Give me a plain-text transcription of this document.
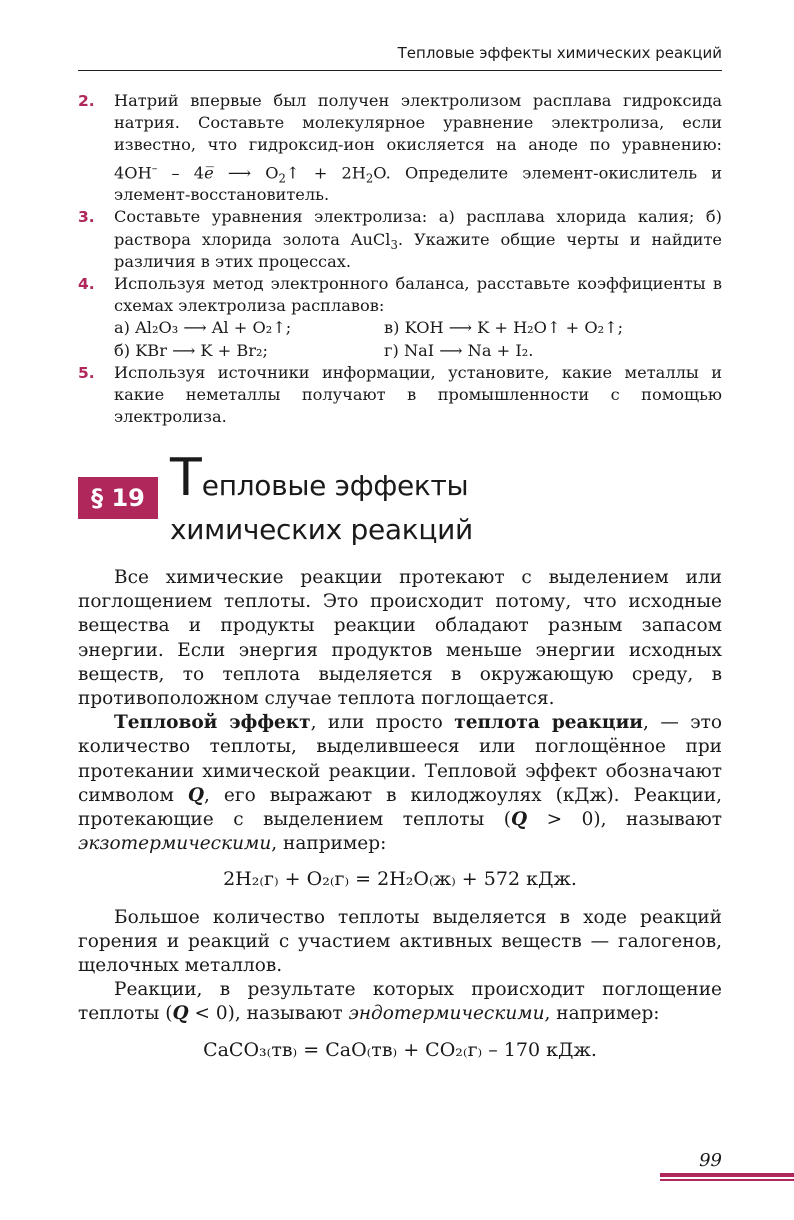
Тепловые эффекты химических реакций
2. Натрий впервые был получен электролизом расплава гидроксида натрия. Составьте молекулярное уравнение электролиза, если известно, что гидроксид-ион окисляется на аноде по уравнению: 4OH– – 4e̅ ⟶ $O_2↑ + 2H_2O$. Определите элемент-окислитель и элемент-восстановитель.
3. Составьте уравнения электролиза: а) расплава хлорида калия; б) раствора хлорида золота AuCl$_3$. Укажите общие черты и найдите различия в этих процессах.
4. Используя метод электронного баланса, расставьте коэффициенты в схемах электролиза расплавов:
а) Al₂O₃ ⟶ Al + O₂↑;	в) KOH ⟶ K + H₂O↑ + O₂↑;
б) KBr ⟶ K + Br₂;	г) NaI ⟶ Na + I₂.
5. Используя источники информации, установите, какие металлы и какие неметаллы получают в промышленности с помощью электролиза.
§ 19 Тепловые эффекты
химических реакций

Все химические реакции протекают с выделением или поглощением теплоты. Это происходит потому, что исходные вещества и продукты реакции обладают разным запасом энергии. Если энергия продуктов меньше энергии исходных веществ, то теплота выделяется в окружающую среду, в противоположном случае теплота поглощается.

Тепловой эффект, или просто теплота реакции, — это количество теплоты, выделившееся или поглощённое при протекании химической реакции. Тепловой эффект обозначают символом Q, его выражают в килоджоулях (кДж). Реакции, протекающие с выделением теплоты (Q > 0), называют экзотермическими, например:

2H₂₍г₎ + O₂₍г₎ = 2H₂O₍ж₎ + 572 кДж.

Большое количество теплоты выделяется в ходе реакций горения и реакций с участием активных веществ — галогенов, щелочных металлов.

Реакции, в результате которых происходит поглощение теплоты (Q < 0), называют эндотермическими, например:

CaCO₃₍тв₎ = CaO₍тв₎ + CO₂₍г₎ – 170 кДж.
99
